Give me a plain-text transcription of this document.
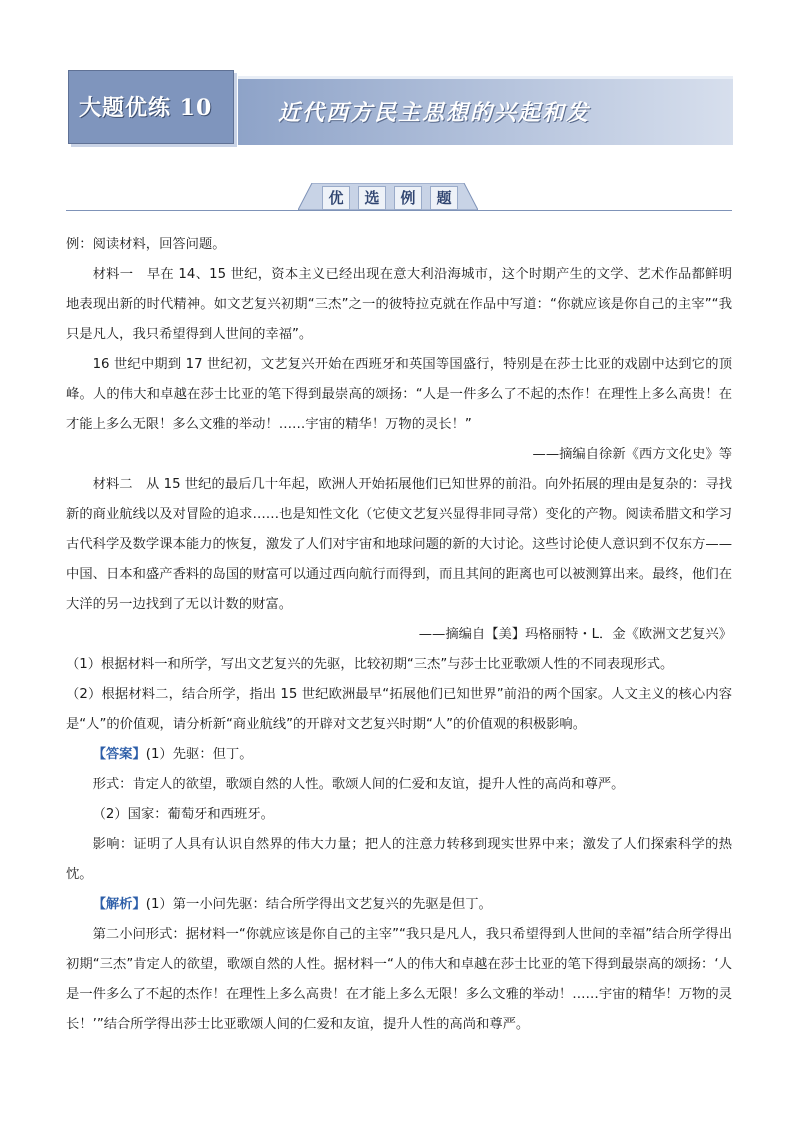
大题优练 10	近代西方民主思想的兴起和发
优	选	例	题

例：阅读材料，回答问题。

材料一　早在 14、15 世纪，资本主义已经出现在意大利沿海城市，这个时期产生的文学、艺术作品都鲜明地表现出新的时代精神。如文艺复兴初期“三杰”之一的彼特拉克就在作品中写道：“你就应该是你自己的主宰”“我只是凡人，我只希望得到人世间的幸福”。

16 世纪中期到 17 世纪初，文艺复兴开始在西班牙和英国等国盛行，特别是在莎士比亚的戏剧中达到它的顶峰。人的伟大和卓越在莎士比亚的笔下得到最崇高的颂扬：“人是一件多么了不起的杰作！在理性上多么高贵！在才能上多么无限！多么文雅的举动！……宇宙的精华！万物的灵长！”

——摘编自徐新《西方文化史》等

材料二　从 15 世纪的最后几十年起，欧洲人开始拓展他们已知世界的前沿。向外拓展的理由是复杂的：寻找新的商业航线以及对冒险的追求……也是知性文化（它使文艺复兴显得非同寻常）变化的产物。阅读希腊文和学习古代科学及数学课本能力的恢复，激发了人们对宇宙和地球问题的新的大讨论。这些讨论使人意识到不仅东方——中国、日本和盛产香料的岛国的财富可以通过西向航行而得到，而且其间的距离也可以被测算出来。最终，他们在大洋的另一边找到了无以计数的财富。

——摘编自【美】玛格丽特・L．金《欧洲文艺复兴》

（1）根据材料一和所学，写出文艺复兴的先驱，比较初期“三杰”与莎士比亚歌颂人性的不同表现形式。

（2）根据材料二，结合所学，指出 15 世纪欧洲最早“拓展他们已知世界”前沿的两个国家。人文主义的核心内容是“人”的价值观，请分析新“商业航线”的开辟对文艺复兴时期“人”的价值观的积极影响。

【答案】(1）先驱：但丁。

形式：肯定人的欲望，歌颂自然的人性。歌颂人间的仁爱和友谊，提升人性的高尚和尊严。

（2）国家：葡萄牙和西班牙。

影响：证明了人具有认识自然界的伟大力量；把人的注意力转移到现实世界中来；激发了人们探索科学的热忱。

【解析】(1）第一小问先驱：结合所学得出文艺复兴的先驱是但丁。

第二小问形式：据材料一“你就应该是你自己的主宰”“我只是凡人，我只希望得到人世间的幸福”结合所学得出初期“三杰”肯定人的欲望，歌颂自然的人性。据材料一“人的伟大和卓越在莎士比亚的笔下得到最崇高的颂扬：‘人是一件多么了不起的杰作！在理性上多么高贵！在才能上多么无限！多么文雅的举动！……宇宙的精华！万物的灵长！’”结合所学得出莎士比亚歌颂人间的仁爱和友谊，提升人性的高尚和尊严。
